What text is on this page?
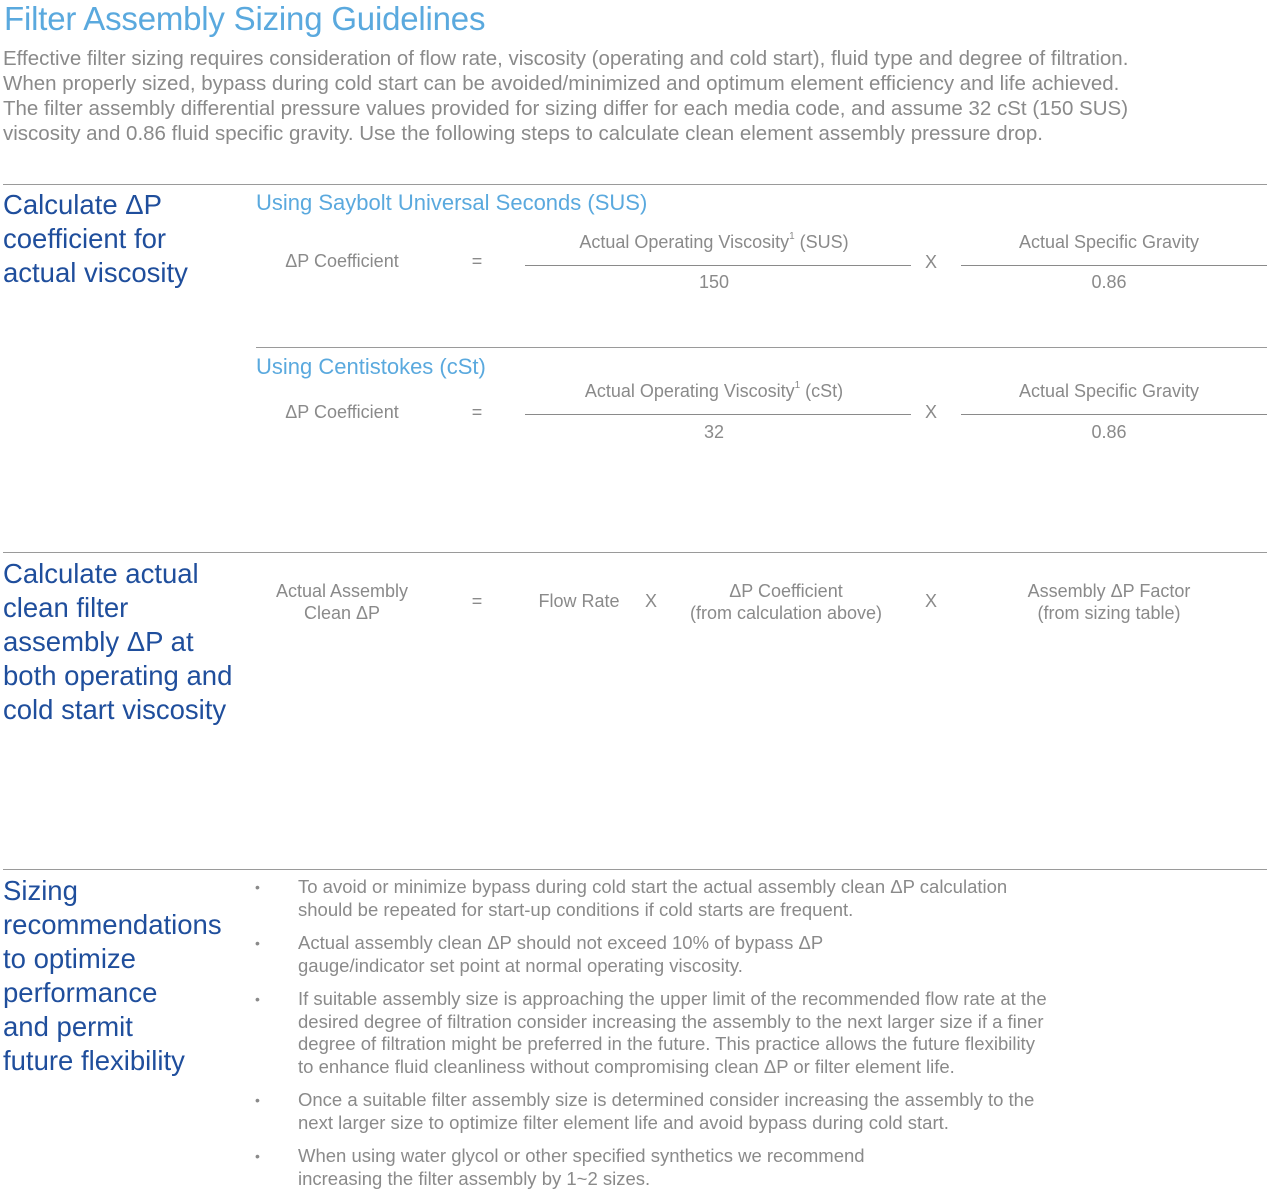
Filter Assembly Sizing Guidelines
Effective filter sizing requires consideration of flow rate, viscosity (operating and cold start), fluid type and degree of filtration.
When properly sized, bypass during cold start can be avoided/minimized and optimum element efficiency and life achieved.
The filter assembly differential pressure values provided for sizing differ for each media code, and assume 32 cSt (150 SUS)
viscosity and 0.86 fluid specific gravity. Use the following steps to calculate clean element assembly pressure drop.
Calculate ΔP
coefficient for
actual viscosity
Using Saybolt Universal Seconds (SUS)
ΔP Coefficient	=
Actual Operating Viscosity$^1$ (SUS)
150
X
Actual Specific Gravity
0.86
Using Centistokes (cSt)
ΔP Coefficient	=
Actual Operating Viscosity$^1$ (cSt)
32
X
Actual Specific Gravity
0.86
Calculate actual
clean filter
assembly ΔP at
both operating and
cold start viscosity
Actual Assembly
Clean ΔP
=	Flow Rate	X	ΔP Coefficient
(from calculation above)
X	Assembly ΔP Factor
(from sizing table)
Sizing
recommendations
to optimize
performance
and permit
future flexibility
• To avoid or minimize bypass during cold start the actual assembly clean ΔP calculation
should be repeated for start-up conditions if cold starts are frequent.
• Actual assembly clean ΔP should not exceed 10% of bypass ΔP
gauge/indicator set point at normal operating viscosity.
• If suitable assembly size is approaching the upper limit of the recommended flow rate at the
desired degree of filtration consider increasing the assembly to the next larger size if a finer
degree of filtration might be preferred in the future. This practice allows the future flexibility
to enhance fluid cleanliness without compromising clean ΔP or filter element life.
• Once a suitable filter assembly size is determined consider increasing the assembly to the
next larger size to optimize filter element life and avoid bypass during cold start.
• When using water glycol or other specified synthetics we recommend
increasing the filter assembly by 1~2 sizes.
